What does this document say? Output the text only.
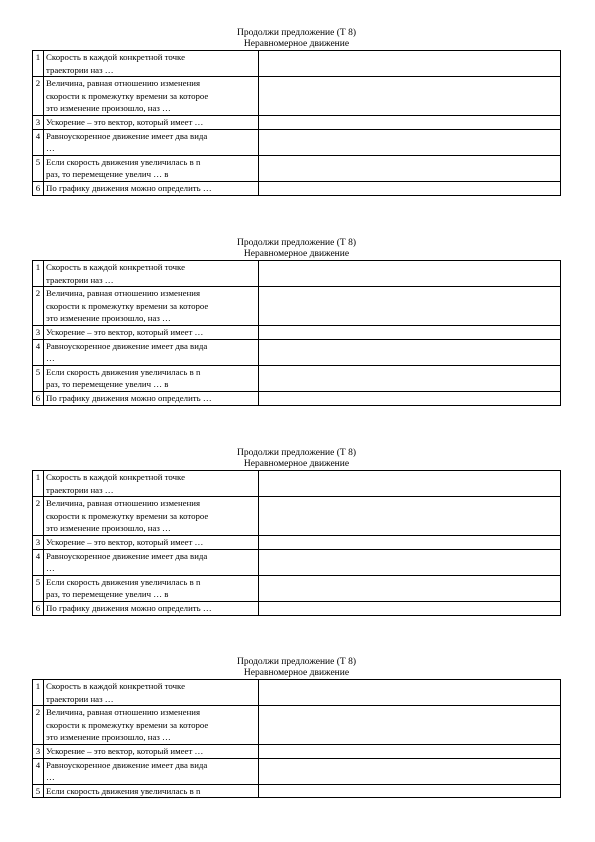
Продолжи предложение (Т 8)

Неравномерное движение

1	Скорость в каждой конкретной точке
траектории наз …	

2	Величина, равная отношению изменения
скорости к промежутку времени за которое
это изменение произошло, наз …	

3	Ускорение – это вектор, который имеет …	

4	Равноускоренное движение имеет два вида
…	

5	Если скорость движения увеличилась в n
раз, то перемещение увелич … в	

6	По графику движения можно определить …	

Продолжи предложение (Т 8)

Неравномерное движение

1	Скорость в каждой конкретной точке
траектории наз …	

2	Величина, равная отношению изменения
скорости к промежутку времени за которое
это изменение произошло, наз …	

3	Ускорение – это вектор, который имеет …	

4	Равноускоренное движение имеет два вида
…	

5	Если скорость движения увеличилась в n
раз, то перемещение увелич … в	

6	По графику движения можно определить …	

Продолжи предложение (Т 8)

Неравномерное движение

1	Скорость в каждой конкретной точке
траектории наз …	

2	Величина, равная отношению изменения
скорости к промежутку времени за которое
это изменение произошло, наз …	

3	Ускорение – это вектор, который имеет …	

4	Равноускоренное движение имеет два вида
…	

5	Если скорость движения увеличилась в n
раз, то перемещение увелич … в	

6	По графику движения можно определить …	

Продолжи предложение (Т 8)

Неравномерное движение

1	Скорость в каждой конкретной точке
траектории наз …	

2	Величина, равная отношению изменения
скорости к промежутку времени за которое
это изменение произошло, наз …	

3	Ускорение – это вектор, который имеет …	

4	Равноускоренное движение имеет два вида
…	

5	Если скорость движения увеличилась в n	
